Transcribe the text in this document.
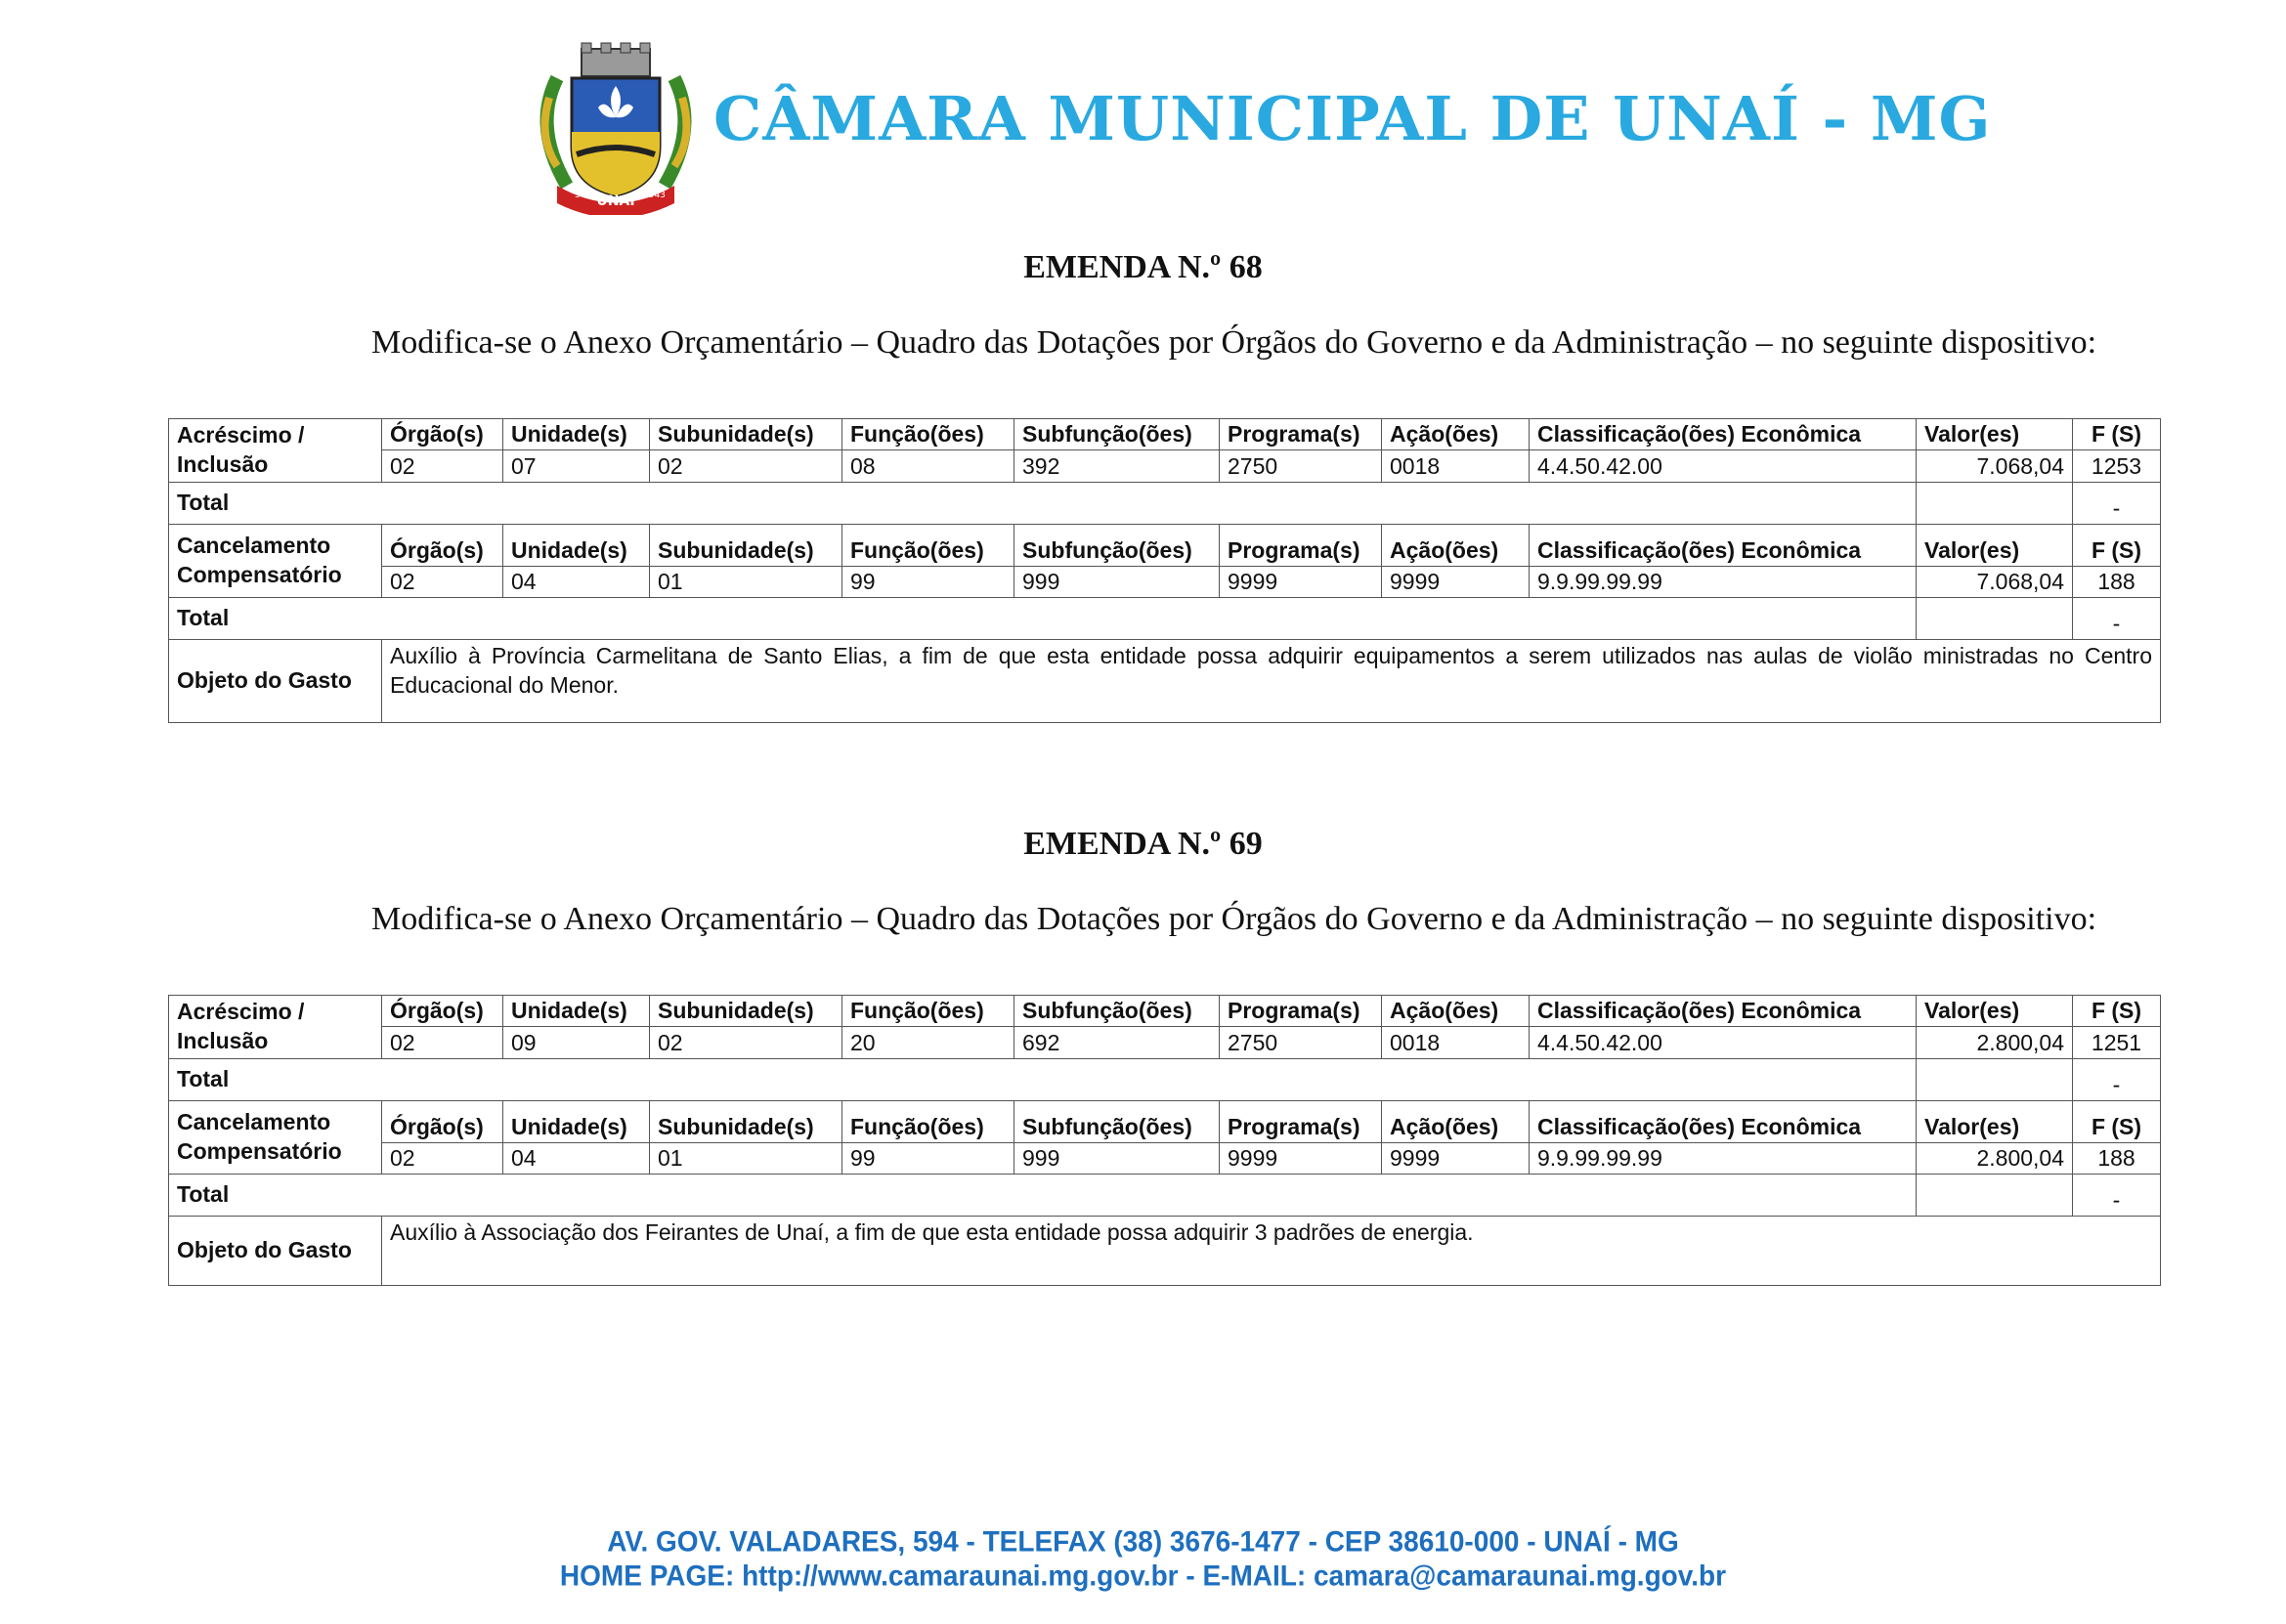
UNAÍ
30-12	1943
CÂMARA MUNICIPAL DE UNAÍ - MG
EMENDA N.º 68
Modifica-se o Anexo Orçamentário – Quadro das Dotações por Órgãos do Governo e da Administração – no seguinte dispositivo:
Acréscimo / Inclusão	Órgão(s)	Unidade(s)	Subunidade(s)	Função(ões)	Subfunção(ões)	Programa(s)	Ação(ões)	Classificação(ões) Econômica	Valor(es)	F (S)
	02	07	02	08	392	2750	0018	4.4.50.42.00	7.068,04	1253
Total										-
Cancelamento Compensatório	Órgão(s)	Unidade(s)	Subunidade(s)	Função(ões)	Subfunção(ões)	Programa(s)	Ação(ões)	Classificação(ões) Econômica	Valor(es)	F (S)
	02	04	01	99	999	9999	9999	9.9.99.99.99	7.068,04	188
Total										-
Objeto do Gasto	Auxílio à Província Carmelitana de Santo Elias, a fim de que esta entidade possa adquirir equipamentos a serem utilizados nas aulas de violão ministradas no Centro Educacional do Menor.									
EMENDA N.º 69
Modifica-se o Anexo Orçamentário – Quadro das Dotações por Órgãos do Governo e da Administração – no seguinte dispositivo:
Acréscimo / Inclusão	Órgão(s)	Unidade(s)	Subunidade(s)	Função(ões)	Subfunção(ões)	Programa(s)	Ação(ões)	Classificação(ões) Econômica	Valor(es)	F (S)
	02	09	02	20	692	2750	0018	4.4.50.42.00	2.800,04	1251
Total										-
Cancelamento Compensatório	Órgão(s)	Unidade(s)	Subunidade(s)	Função(ões)	Subfunção(ões)	Programa(s)	Ação(ões)	Classificação(ões) Econômica	Valor(es)	F (S)
	02	04	01	99	999	9999	9999	9.9.99.99.99	2.800,04	188
Total										-
Objeto do Gasto	Auxílio à Associação dos Feirantes de Unaí, a fim de que esta entidade possa adquirir 3 padrões de energia.									
AV. GOV. VALADARES, 594 - TELEFAX (38) 3676-1477 - CEP 38610-000 - UNAÍ - MG
HOME PAGE: http://www.camaraunai.mg.gov.br - E-MAIL: camara@camaraunai.mg.gov.br
